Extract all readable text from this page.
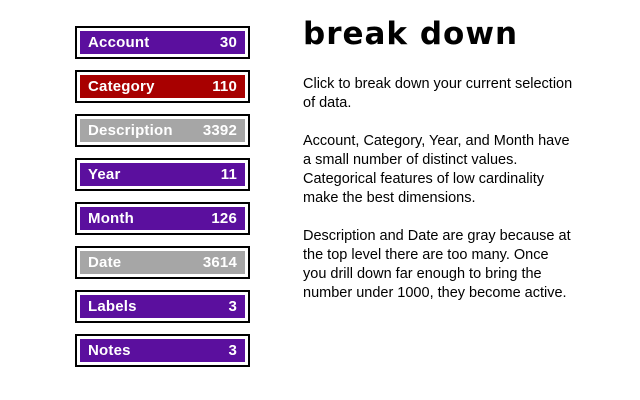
Account	30
Category	110
Description 3392
Year	11
Month	126
Date	3614
Labels	3
Notes	3
break down

Click to break down your current selection of data.

Account, Category, Year, and Month have a small number of distinct values. Categorical features of low cardinality make the best dimensions.

Description and Date are gray because at the top level there are too many. Once you drill down far enough to bring the number under 1000, they become active.
